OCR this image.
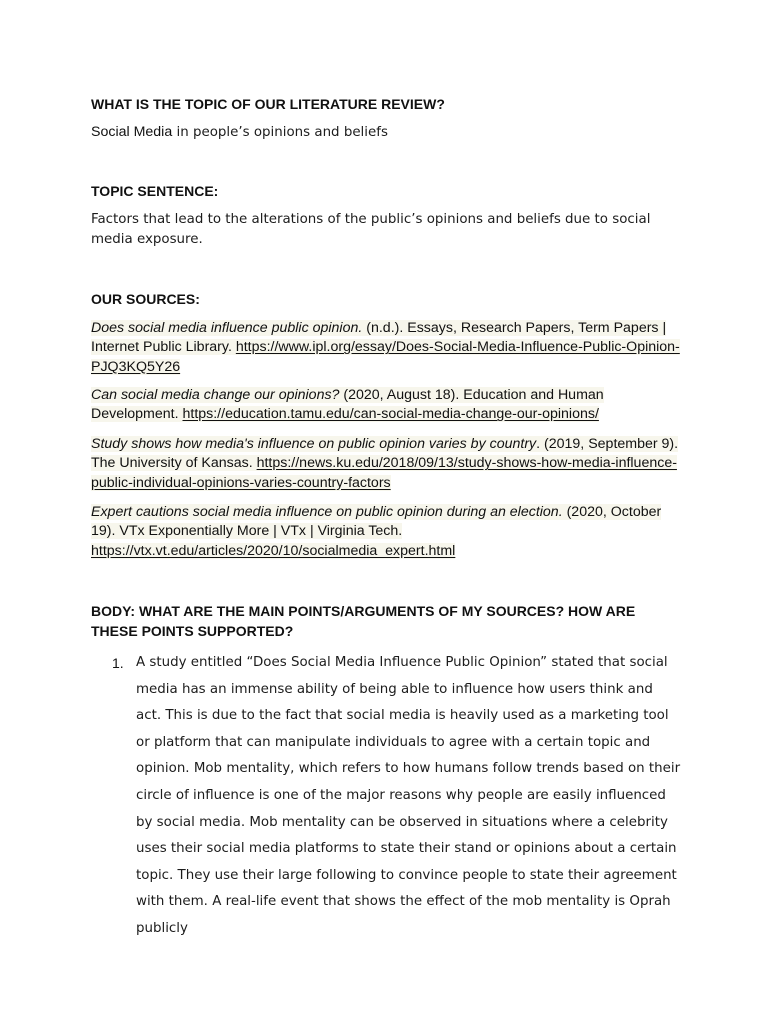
WHAT IS THE TOPIC OF OUR LITERATURE REVIEW?

Social Media in people’s opinions and beliefs

TOPIC SENTENCE:

Factors that lead to the alterations of the public’s opinions and beliefs due to social media exposure.

OUR SOURCES:

Does social media influence public opinion. (n.d.). Essays, Research Papers, Term Papers | Internet Public Library. https://www.ipl.org/essay/Does-Social-Media-Influence-Public-Opinion-PJQ3KQ5Y26

Can social media change our opinions? (2020, August 18). Education and Human Development. https://education.tamu.edu/can-social-media-change-our-opinions/

Study shows how media's influence on public opinion varies by country. (2019, September 9). The University of Kansas. https://news.ku.edu/2018/09/13/study-shows-how-media-influence-public-individual-opinions-varies-country-factors

Expert cautions social media influence on public opinion during an election. (2020, October 19). VTx Exponentially More | VTx | Virginia Tech. https://vtx.vt.edu/articles/2020/10/socialmedia_expert.html

BODY: WHAT ARE THE MAIN POINTS/ARGUMENTS OF MY SOURCES? HOW ARE THESE POINTS SUPPORTED?
1. A study entitled “Does Social Media Influence Public Opinion” stated that social media has an immense ability of being able to influence how users think and act. This is due to the fact that social media is heavily used as a marketing tool or platform that can manipulate individuals to agree with a certain topic and opinion. Mob mentality, which refers to how humans follow trends based on their circle of influence is one of the major reasons why people are easily influenced by social media. Mob mentality can be observed in situations where a celebrity uses their social media platforms to state their stand or opinions about a certain topic. They use their large following to convince people to state their agreement with them. A real-life event that shows the effect of the mob mentality is Oprah publicly
